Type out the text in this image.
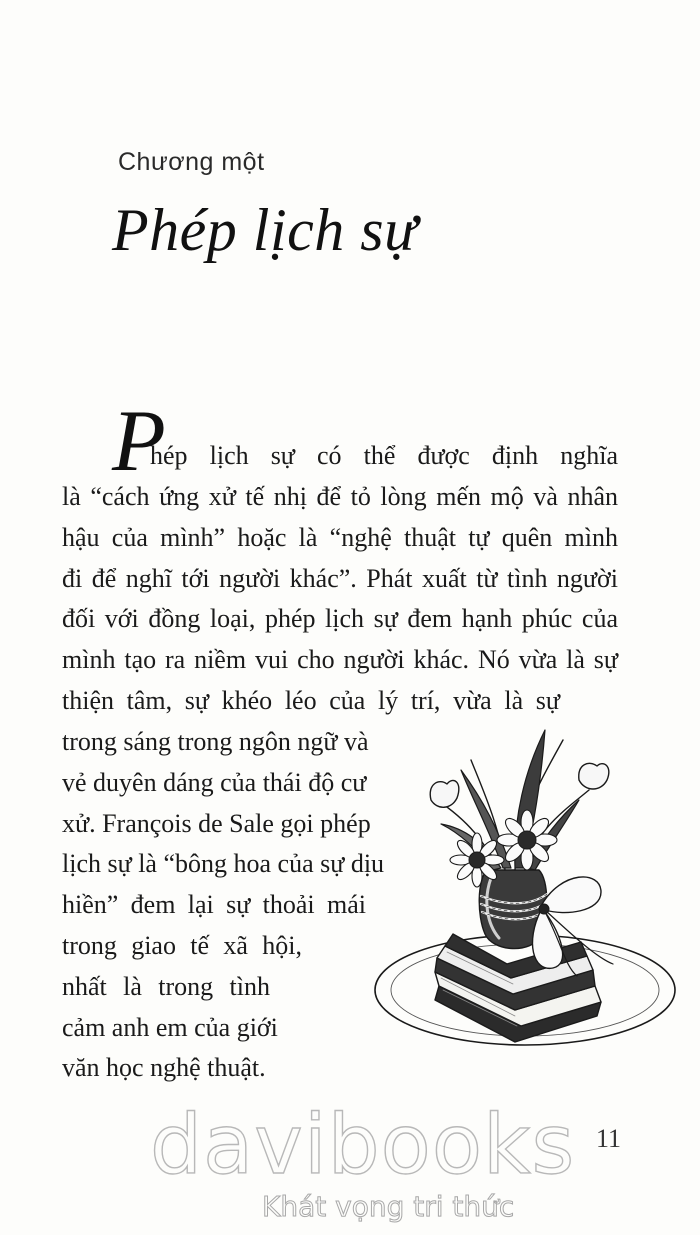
Chương một
Phép lịch sự
P
hép lịch sự có thể được định nghĩa
là “cách ứng xử tế nhị để tỏ lòng mến mộ và nhân
hậu của mình” hoặc là “nghệ thuật tự quên mình
đi để nghĩ tới người khác”. Phát xuất từ tình người
đối với đồng loại, phép lịch sự đem hạnh phúc của
mình tạo ra niềm vui cho người khác. Nó vừa là sự
thiện tâm, sự khéo léo của lý trí, vừa là sự
trong sáng trong ngôn ngữ và
vẻ duyên dáng của thái độ cư
xử. François de Sale gọi phép
lịch sự là “bông hoa của sự dịu
hiền” đem lại sự thoải mái
trong giao tế xã hội,
nhất là trong tình
cảm anh em của giới
văn học nghệ thuật.
davibooks
Khát vọng tri thức
11
